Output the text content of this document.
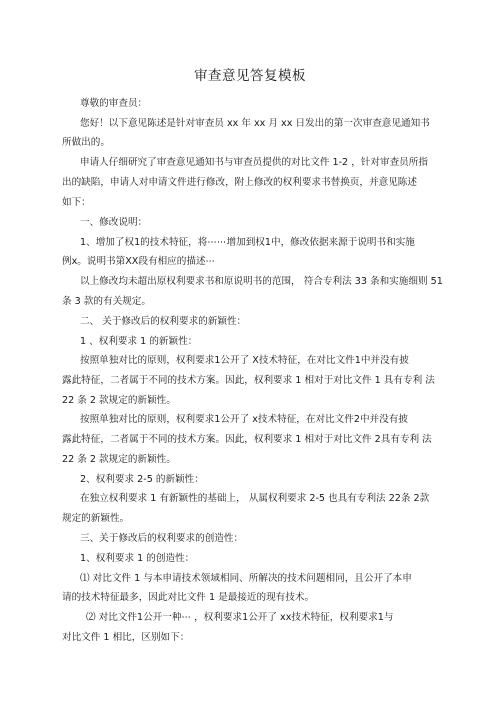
审查意见答复模板
尊敬的审查员：
您好！以下意见陈述是针对审查员 xx 年 xx 月 xx 日发出的第一次审查意见通知书
所做出的。
申请人仔细研究了审查意见通知书与审查员提供的对比文件 1-2 ，针对审查员所指
出的缺陷，申请人对申请文件进行修改，附上修改的权利要求书替换页，并意见陈述
如下：
一、修改说明：
1、增加了权1的技术特征，将⋯⋯增加到权1中，修改依据来源于说明书和实施
例x。说明书第XX段有相应的描述⋯
以上修改均未超出原权利要求书和原说明书的范围， 符合专利法 33 条和实施细则 51
条 3 款的有关规定。
二、 关于修改后的权利要求的新颖性：
1 、权利要求 1 的新颖性：
按照单独对比的原则，权利要求1公开了 X技术特征，在对比文件1中并没有披
露此特征，二者属于不同的技术方案。因此，权利要求 1 相对于对比文件 1 具有专利 法
22 条 2 款规定的新颖性。
按照单独对比的原则，权利要求1公开了 x技术特征，在对比文件2中并没有披
露此特征，二者属于不同的技术方案。因此，权利要求 1 相对于对比文件 2具有专利 法
22 条 2 款规定的新颖性。
2、权利要求 2-5 的新颖性：
在独立权利要求 1 有新颖性的基础上， 从属权利要求 2-5 也具有专利法 22条 2款
规定的新颖性。
三、关于修改后的权利要求的创造性：
1、权利要求 1 的创造性：
⑴ 对比文件 1 与本申请技术领域相同、所解决的技术问题相同，且公开了本申
请的技术特征最多，因此对比文件 1 是最接近的现有技术。
⑵ 对比文件1公开一种⋯ ，权利要求1公开了 xx技术特征，权利要求1与
对比文件 1 相比，区别如下：
